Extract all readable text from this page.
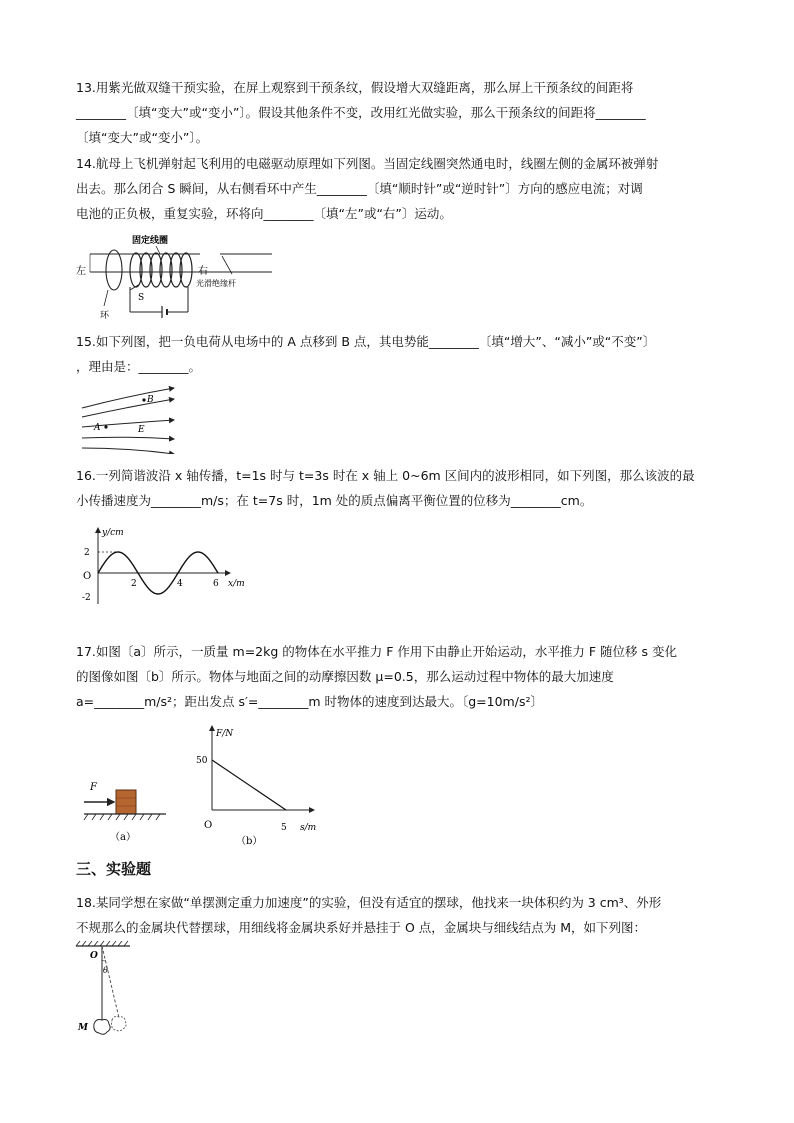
13.用紫光做双缝干预实验，在屏上观察到干预条纹，假设增大双缝距离，那么屏上干预条纹的间距将
________〔填“变大”或“变小”〕。假设其他条件不变，改用红光做实验，那么干预条纹的间距将________
〔填“变大”或“变小”〕。
14.航母上飞机弹射起飞利用的电磁驱动原理如下列图。当固定线圈突然通电时，线圈左侧的金属环被弹射
出去。那么闭合 S 瞬间，从右侧看环中产生________〔填“顺时针”或“逆时针”〕方向的感应电流；对调
电池的正负极，重复实验，环将向________〔填“左”或“右”〕运动。
固定线圈
S
左	右
光滑绝缘杆
环
15.如下列图，把一负电荷从电场中的 A 点移到 B 点，其电势能________〔填“增大”、“减小”或“不变”〕
，理由是：________。
B
A	E
16.一列简谐波沿 x 轴传播，t=1s 时与 t=3s 时在 x 轴上 0~6m 区间内的波形相同，如下列图，那么该波的最
小传播速度为________m/s；在 t=7s 时，1m 处的质点偏离平衡位置的位移为________cm。
y/cm
x/m
O
2
-2
2	4	6
17.如图〔a〕所示，一质量 m=2kg 的物体在水平推力 F 作用下由静止开始运动，水平推力 F 随位移 s 变化
的图像如图〔b〕所示。物体与地面之间的动摩擦因数 μ=0.5，那么运动过程中物体的最大加速度
a=________m/s²；距出发点 s′=________m 时物体的速度到达最大。〔g=10m/s²〕
F
（a）
F/N
s/m
O
50
5
（b）
三、实验题
18.某同学想在家做“单摆测定重力加速度”的实验，但没有适宜的摆球，他找来一块体积约为 3 cm³、外形
不规那么的金属块代替摆球，用细线将金属块系好并悬挂于 O 点，金属块与细线结点为 M，如下列图：
O
θ
M
